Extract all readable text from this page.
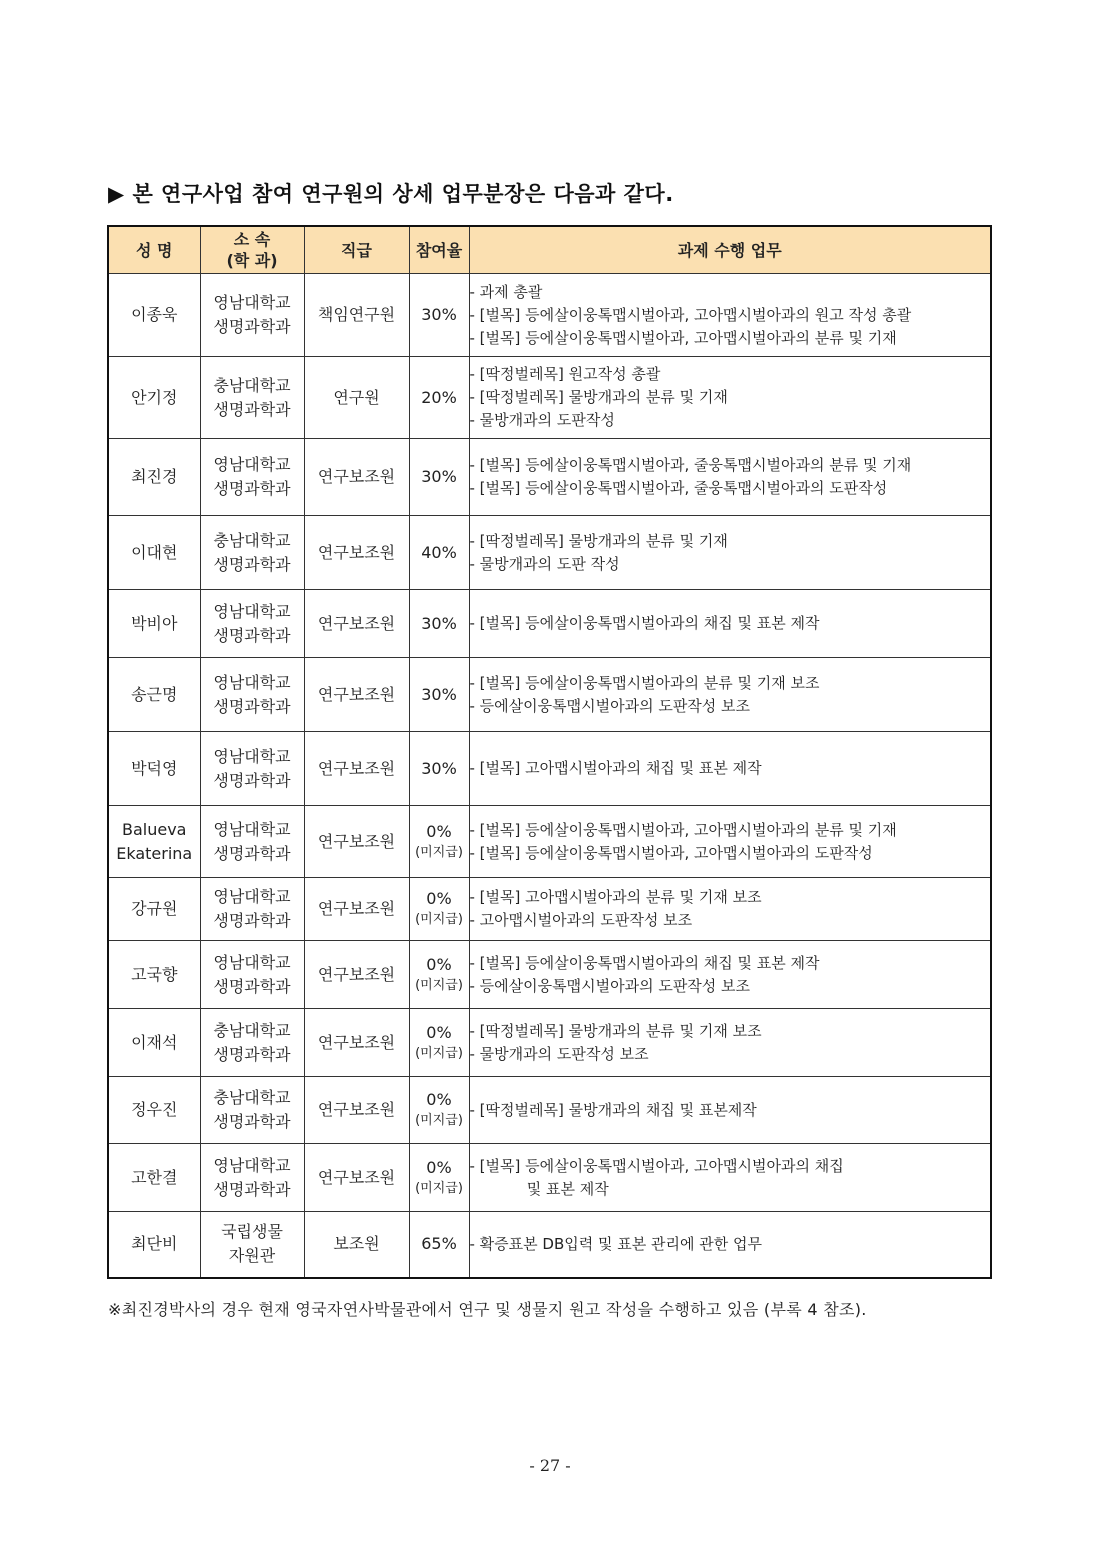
▶ 본 연구사업 참여 연구원의 상세 업무분장은 다음과 같다.
성 명	소 속
(학 과)	직급	참여율	과제 수행 업무
이종욱	영남대학교
생명과학과	책임연구원	30%	- 과제 총괄
- [벌목] 등에살이웅톡맵시벌아과, 고아맵시벌아과의 원고 작성 총괄
- [벌목] 등에살이웅톡맵시벌아과, 고아맵시벌아과의 분류 및 기재

안기정	충남대학교
생명과학과	연구원	20%	- [딱정벌레목] 원고작성 총괄
- [딱정벌레목] 물방개과의 분류 및 기재
- 물방개과의 도판작성

최진경	영남대학교
생명과학과	연구보조원	30%	- [벌목] 등에살이웅톡맵시벌아과, 줄웅톡맵시벌아과의 분류 및 기재
- [벌목] 등에살이웅톡맵시벌아과, 줄웅톡맵시벌아과의 도판작성

이대현	충남대학교
생명과학과	연구보조원	40%	- [딱정벌레목] 물방개과의 분류 및 기재
- 물방개과의 도판 작성

박비아	영남대학교
생명과학과	연구보조원	30%	- [벌목] 등에살이웅톡맵시벌아과의 채집 및 표본 제작

송근명	영남대학교
생명과학과	연구보조원	30%	- [벌목] 등에살이웅톡맵시벌아과의 분류 및 기재 보조
- 등에살이웅톡맵시벌아과의 도판작성 보조

박덕영	영남대학교
생명과학과	연구보조원	30%	- [벌목] 고아맵시벌아과의 채집 및 표본 제작

Balueva
Ekaterina	영남대학교
생명과학과	연구보조원	0%
(미지급)	- [벌목] 등에살이웅톡맵시벌아과, 고아맵시벌아과의 분류 및 기재
- [벌목] 등에살이웅톡맵시벌아과, 고아맵시벌아과의 도판작성

강규원	영남대학교
생명과학과	연구보조원	0%
(미지급)	- [벌목] 고아맵시벌아과의 분류 및 기재 보조
- 고아맵시벌아과의 도판작성 보조

고국향	영남대학교
생명과학과	연구보조원	0%
(미지급)	- [벌목] 등에살이웅톡맵시벌아과의 채집 및 표본 제작
- 등에살이웅톡맵시벌아과의 도판작성 보조

이재석	충남대학교
생명과학과	연구보조원	0%
(미지급)	- [딱정벌레목] 물방개과의 분류 및 기재 보조
- 물방개과의 도판작성 보조

정우진	충남대학교
생명과학과	연구보조원	0%
(미지급)	- [딱정벌레목] 물방개과의 채집 및 표본제작

고한결	영남대학교
생명과학과	연구보조원	0%
(미지급)	- [벌목] 등에살이웅톡맵시벌아과, 고아맵시벌아과의 채집
및 표본 제작

최단비	국립생물
자원관	보조원	65%	- 확증표본 DB입력 및 표본 관리에 관한 업무
※최진경박사의 경우 현재 영국자연사박물관에서 연구 및 생물지 원고 작성을 수행하고 있음 (부록 4 참조).
- 27 -
